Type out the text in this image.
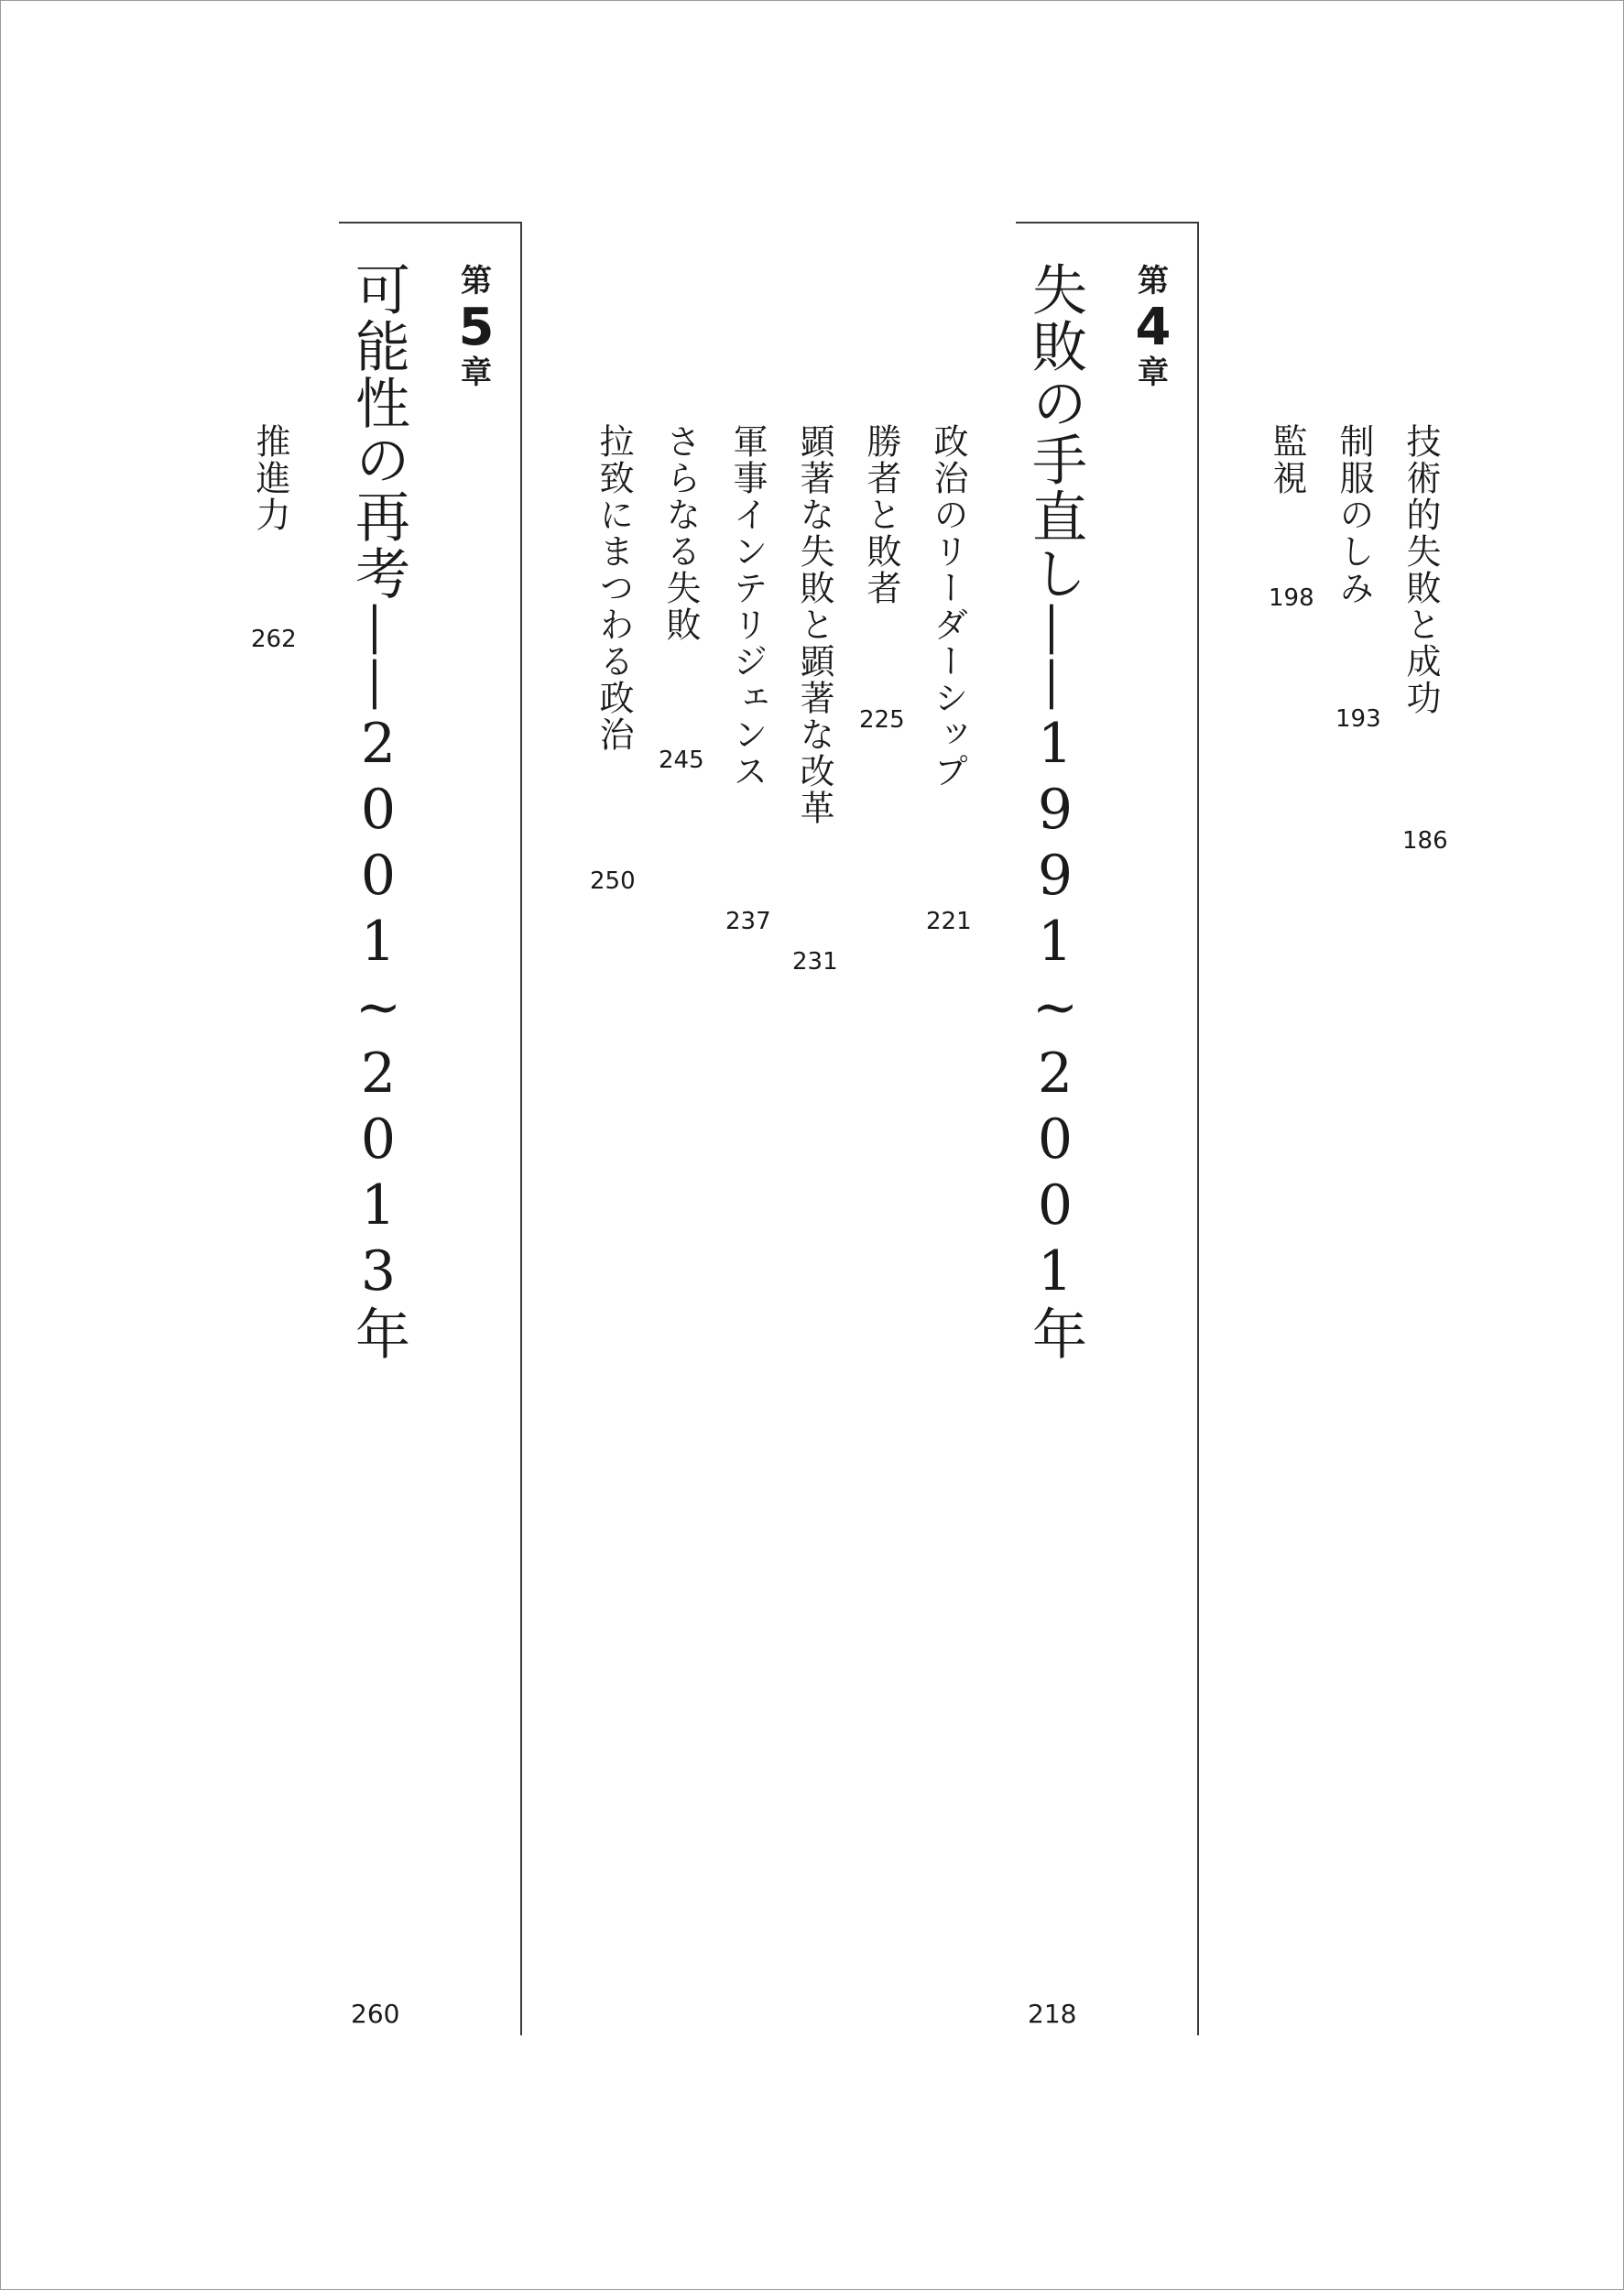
技術的失敗と成功
186
制服のしみ
193
監視
198
第
4
章
失敗の手直し——1991~2001年
218
政治のリーダーシップ
221
勝者と敗者
225
顕著な失敗と顕著な改革
231
軍事インテリジェンス
237
さらなる失敗
245
拉致にまつわる政治
250
第
5
章
可能性の再考——2001~2013年
260
推進力
262
